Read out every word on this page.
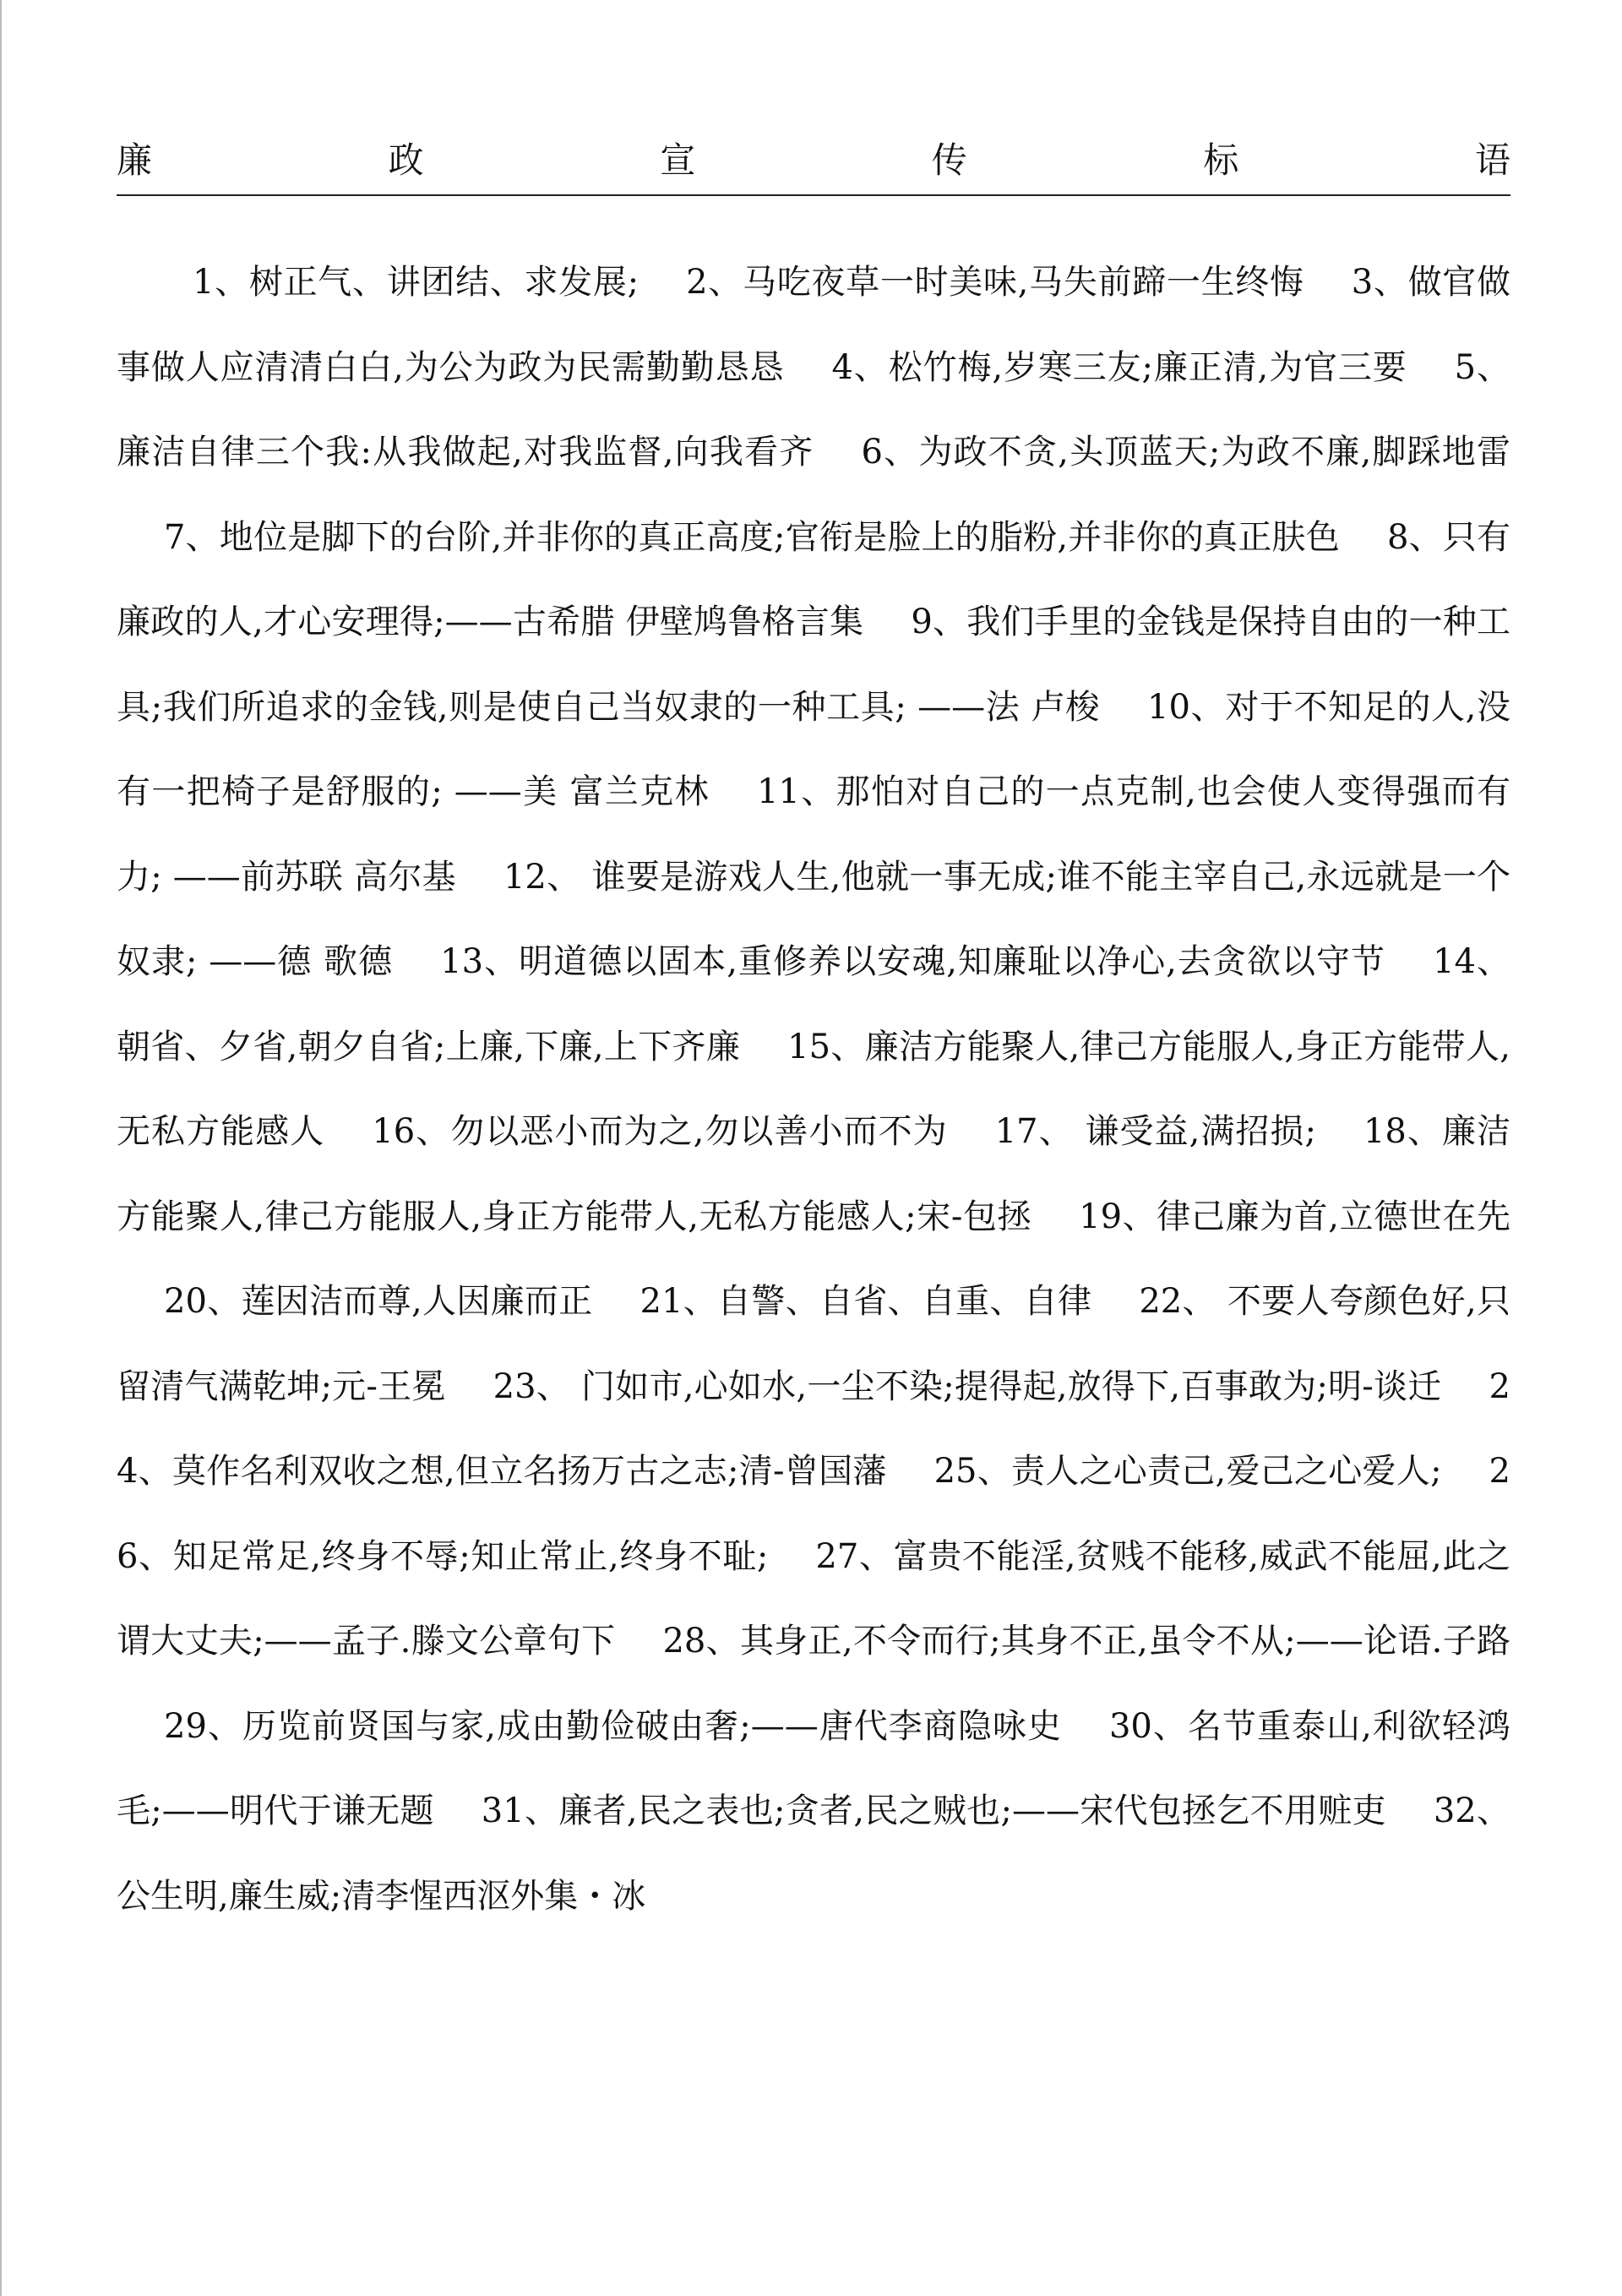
廉	政	宣	传	标	语
1、树正气、讲团结、求发展; 2、马吃夜草一时美味,马失前蹄一生终悔 3、做官做事做人应清清白白,为公为政为民需勤勤恳恳 4、松竹梅,岁寒三友;廉正清,为官三要 5、廉洁自律三个我:从我做起,对我监督,向我看齐 6、为政不贪,头顶蓝天;为政不廉,脚踩地雷7、地位是脚下的台阶,并非你的真正高度;官衔是脸上的脂粉,并非你的真正肤色 8、只有廉政的人,才心安理得;——古希腊 伊壁鸠鲁格言集 9、我们手里的金钱是保持自由的一种工具;我们所追求的金钱,则是使自己当奴隶的一种工具; ——法 卢梭 10、对于不知足的人,没有一把椅子是舒服的; ——美 富兰克林 11、那怕对自己的一点克制,也会使人变得强而有力; ——前苏联 高尔基 12、 谁要是游戏人生,他就一事无成;谁不能主宰自己,永远就是一个奴隶; ——德 歌德 13、明道德以固本,重修养以安魂,知廉耻以净心,去贪欲以守节 14、 朝省、夕省,朝夕自省;上廉,下廉,上下齐廉 15、廉洁方能聚人,律己方能服人,身正方能带人,无私方能感人 16、勿以恶小而为之,勿以善小而不为 17、 谦受益,满招损; 18、廉洁方能聚人,律己方能服人,身正方能带人,无私方能感人;宋-包拯 19、律己廉为首,立德世在先20、莲因洁而尊,人因廉而正 21、自警、自省、自重、自律 22、 不要人夸颜色好,只留清气满乾坤;元-王冕 23、 门如市,心如水,一尘不染;提得起,放得下,百事敢为;明-谈迁 24、莫作名利双收之想,但立名扬万古之志;清-曾国藩 25、责人之心责己,爱己之心爱人; 26、知足常足,终身不辱;知止常止,终身不耻; 27、富贵不能淫,贫贱不能移,威武不能屈,此之谓大丈夫;——孟子.滕文公章句下 28、其身正,不令而行;其身不正,虽令不从;——论语.子路29、历览前贤国与家,成由勤俭破由奢;——唐代李商隐咏史 30、名节重泰山,利欲轻鸿毛;——明代于谦无题 31、廉者,民之表也;贪者,民之贼也;——宋代包拯乞不用赃吏 32、公生明,廉生威;清李惺西沤外集・冰
